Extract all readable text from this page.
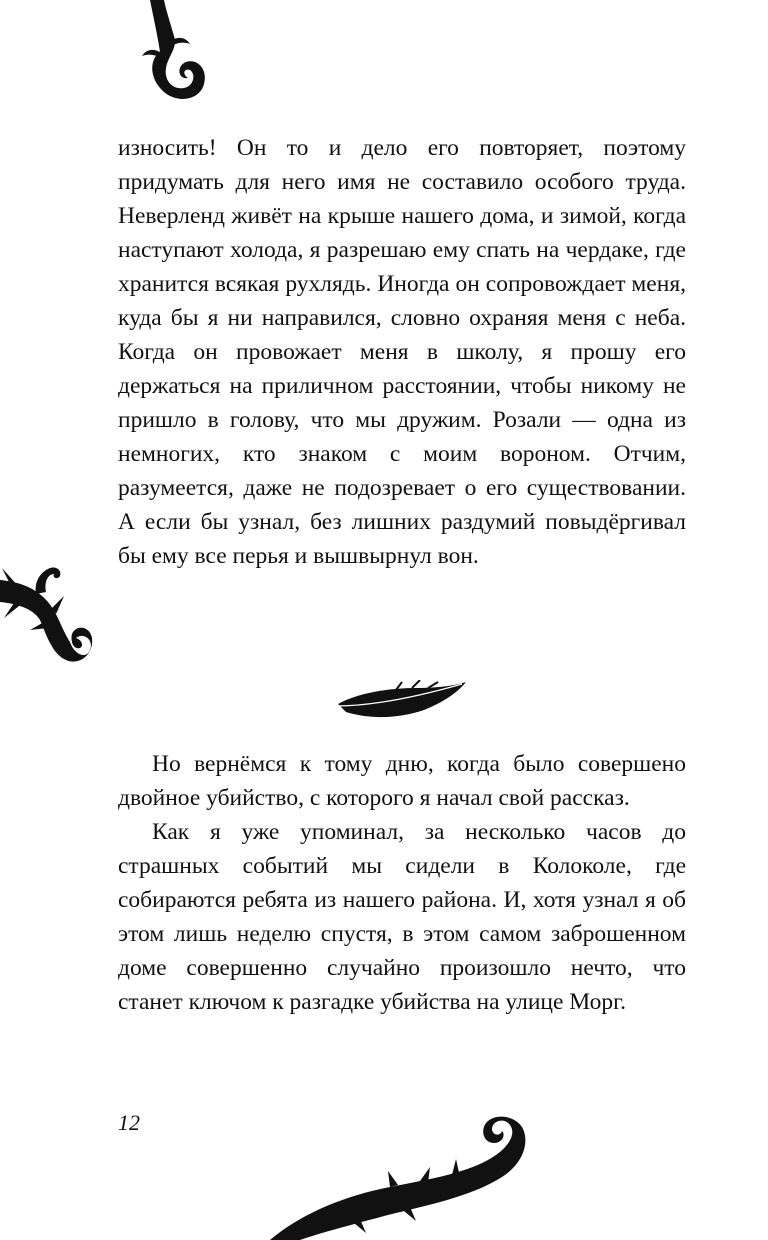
износить! Он то и дело его повторяет, поэтому придумать для него имя не составило особого труда. Неверленд живёт на крыше нашего дома, и зимой, когда наступают холода, я разрешаю ему спать на чердаке, где хранится всякая рухлядь. Иногда он сопровождает меня, куда бы я ни направился, словно охраняя меня с неба. Когда он провожает меня в школу, я прошу его держаться на приличном расстоянии, чтобы никому не пришло в голову, что мы дружим. Розали — одна из немногих, кто знаком с моим вороном. Отчим, разумеется, даже не подозревает о его существовании. А если бы узнал, без лишних раздумий повыдёргивал бы ему все перья и вышвырнул вон.

Но вернёмся к тому дню, когда было совершено двойное убийство, с которого я начал свой рассказ.

Как я уже упоминал, за несколько часов до страшных событий мы сидели в Колоколе, где собираются ребята из нашего района. И, хотя узнал я об этом лишь неделю спустя, в этом самом заброшенном доме совершенно случайно произошло нечто, что станет ключом к разгадке убийства на улице Морг.

12
